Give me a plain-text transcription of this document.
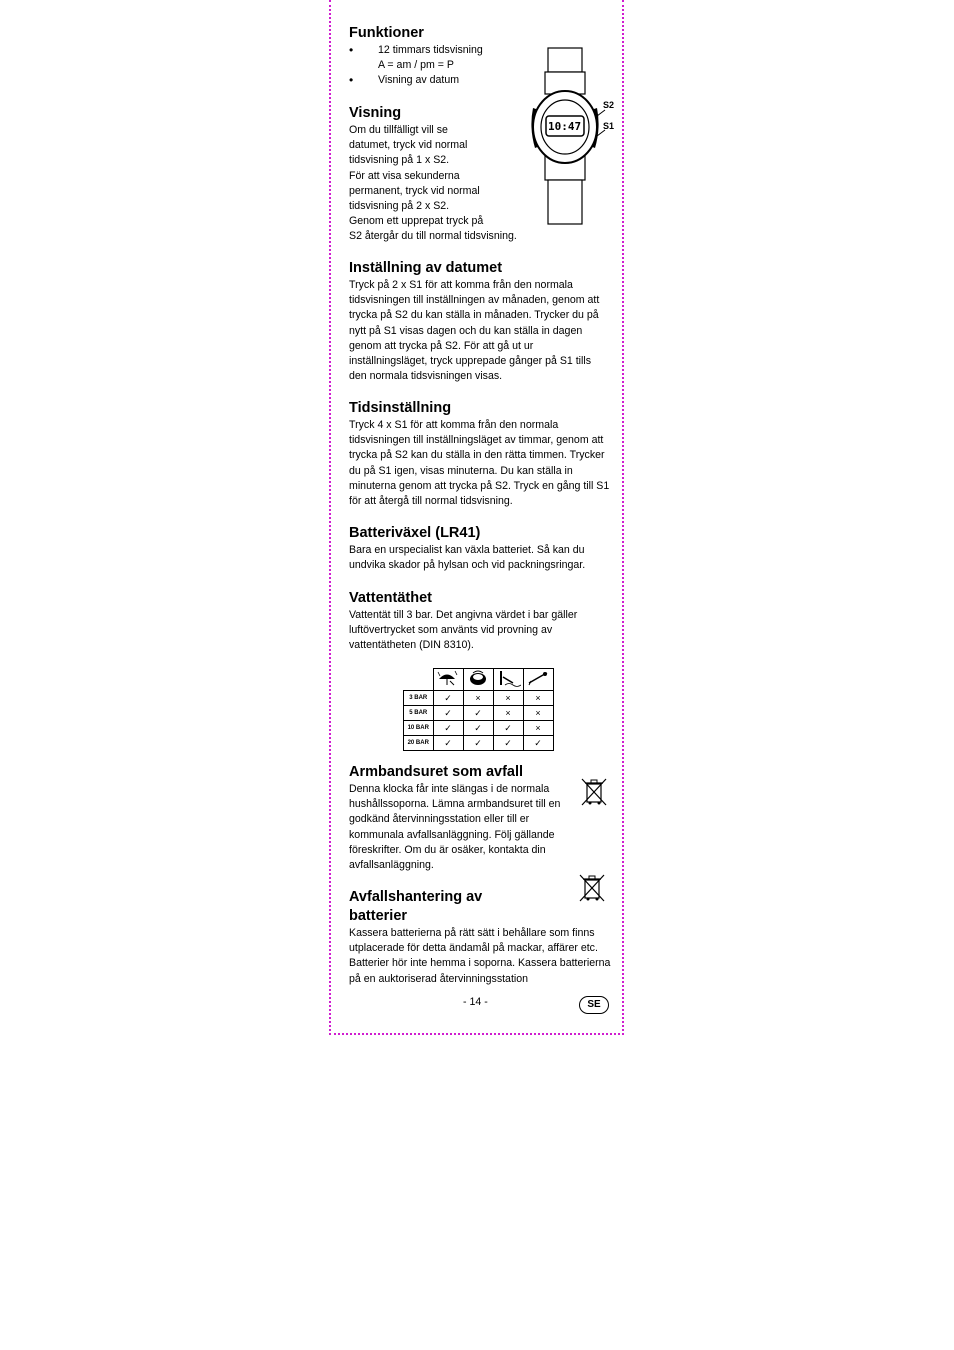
Funktioner
• 12 timmars tidsvisning
A = am / pm = P
• Visning av datum
10:47
S2
S1
Visning

Om du tillfälligt vill se

datumet, tryck vid normal

tidsvisning på 1 x S2.

För att visa sekunderna

permanent, tryck vid normal

tidsvisning på 2 x S2.

Genom ett upprepat tryck på

S2 återgår du till normal tidsvisning.

Inställning av datumet

Tryck på 2 x S1 för att komma från den normala tidsvisningen till inställningen av månaden, genom att trycka på S2 du kan ställa in månaden. Trycker du på nytt på S1 visas dagen och du kan ställa in dagen genom att trycka på S2. För att gå ut ur inställningsläget, tryck upprepade gånger på S1 tills den normala tidsvisningen visas.

Tidsinställning

Tryck 4 x S1 för att komma från den normala tidsvisningen till inställningsläget av timmar, genom att trycka på S2 kan du ställa in den rätta timmen. Trycker du på S1 igen, visas minuterna. Du kan ställa in minuterna genom att trycka på S2. Tryck en gång till S1 för att återgå till normal tidsvisning.

Batteriväxel (LR41)

Bara en urspecialist kan växla batteriet. Så kan du undvika skador på hylsan och vid packningsringar.

Vattentäthet

Vattentät till 3 bar. Det angivna värdet i bar gäller luftövertrycket som använts vid provning av vattentätheten (DIN 8310).

3 BAR	✓	×	×	×
5 BAR	✓	✓	×	×
10 BAR	✓	✓	✓	×
20 BAR	✓	✓	✓	✓
Armbandsuret som avfall

Denna klocka får inte slängas i de normala hushållssoporna. Lämna armbandsuret till en godkänd återvinningsstation eller till er kommunala avfallsanläggning. Följ gällande föreskrifter. Om du är osäker, kontakta din avfallsanläggning.

Avfallshantering av
batterier

Kassera batterierna på rätt sätt i behållare som finns utplacerade för detta ändamål på mackar, affärer etc. Batterier hör inte hemma i soporna. Kassera batterierna på en auktoriserad återvinningsstation

- 14 -	SE
